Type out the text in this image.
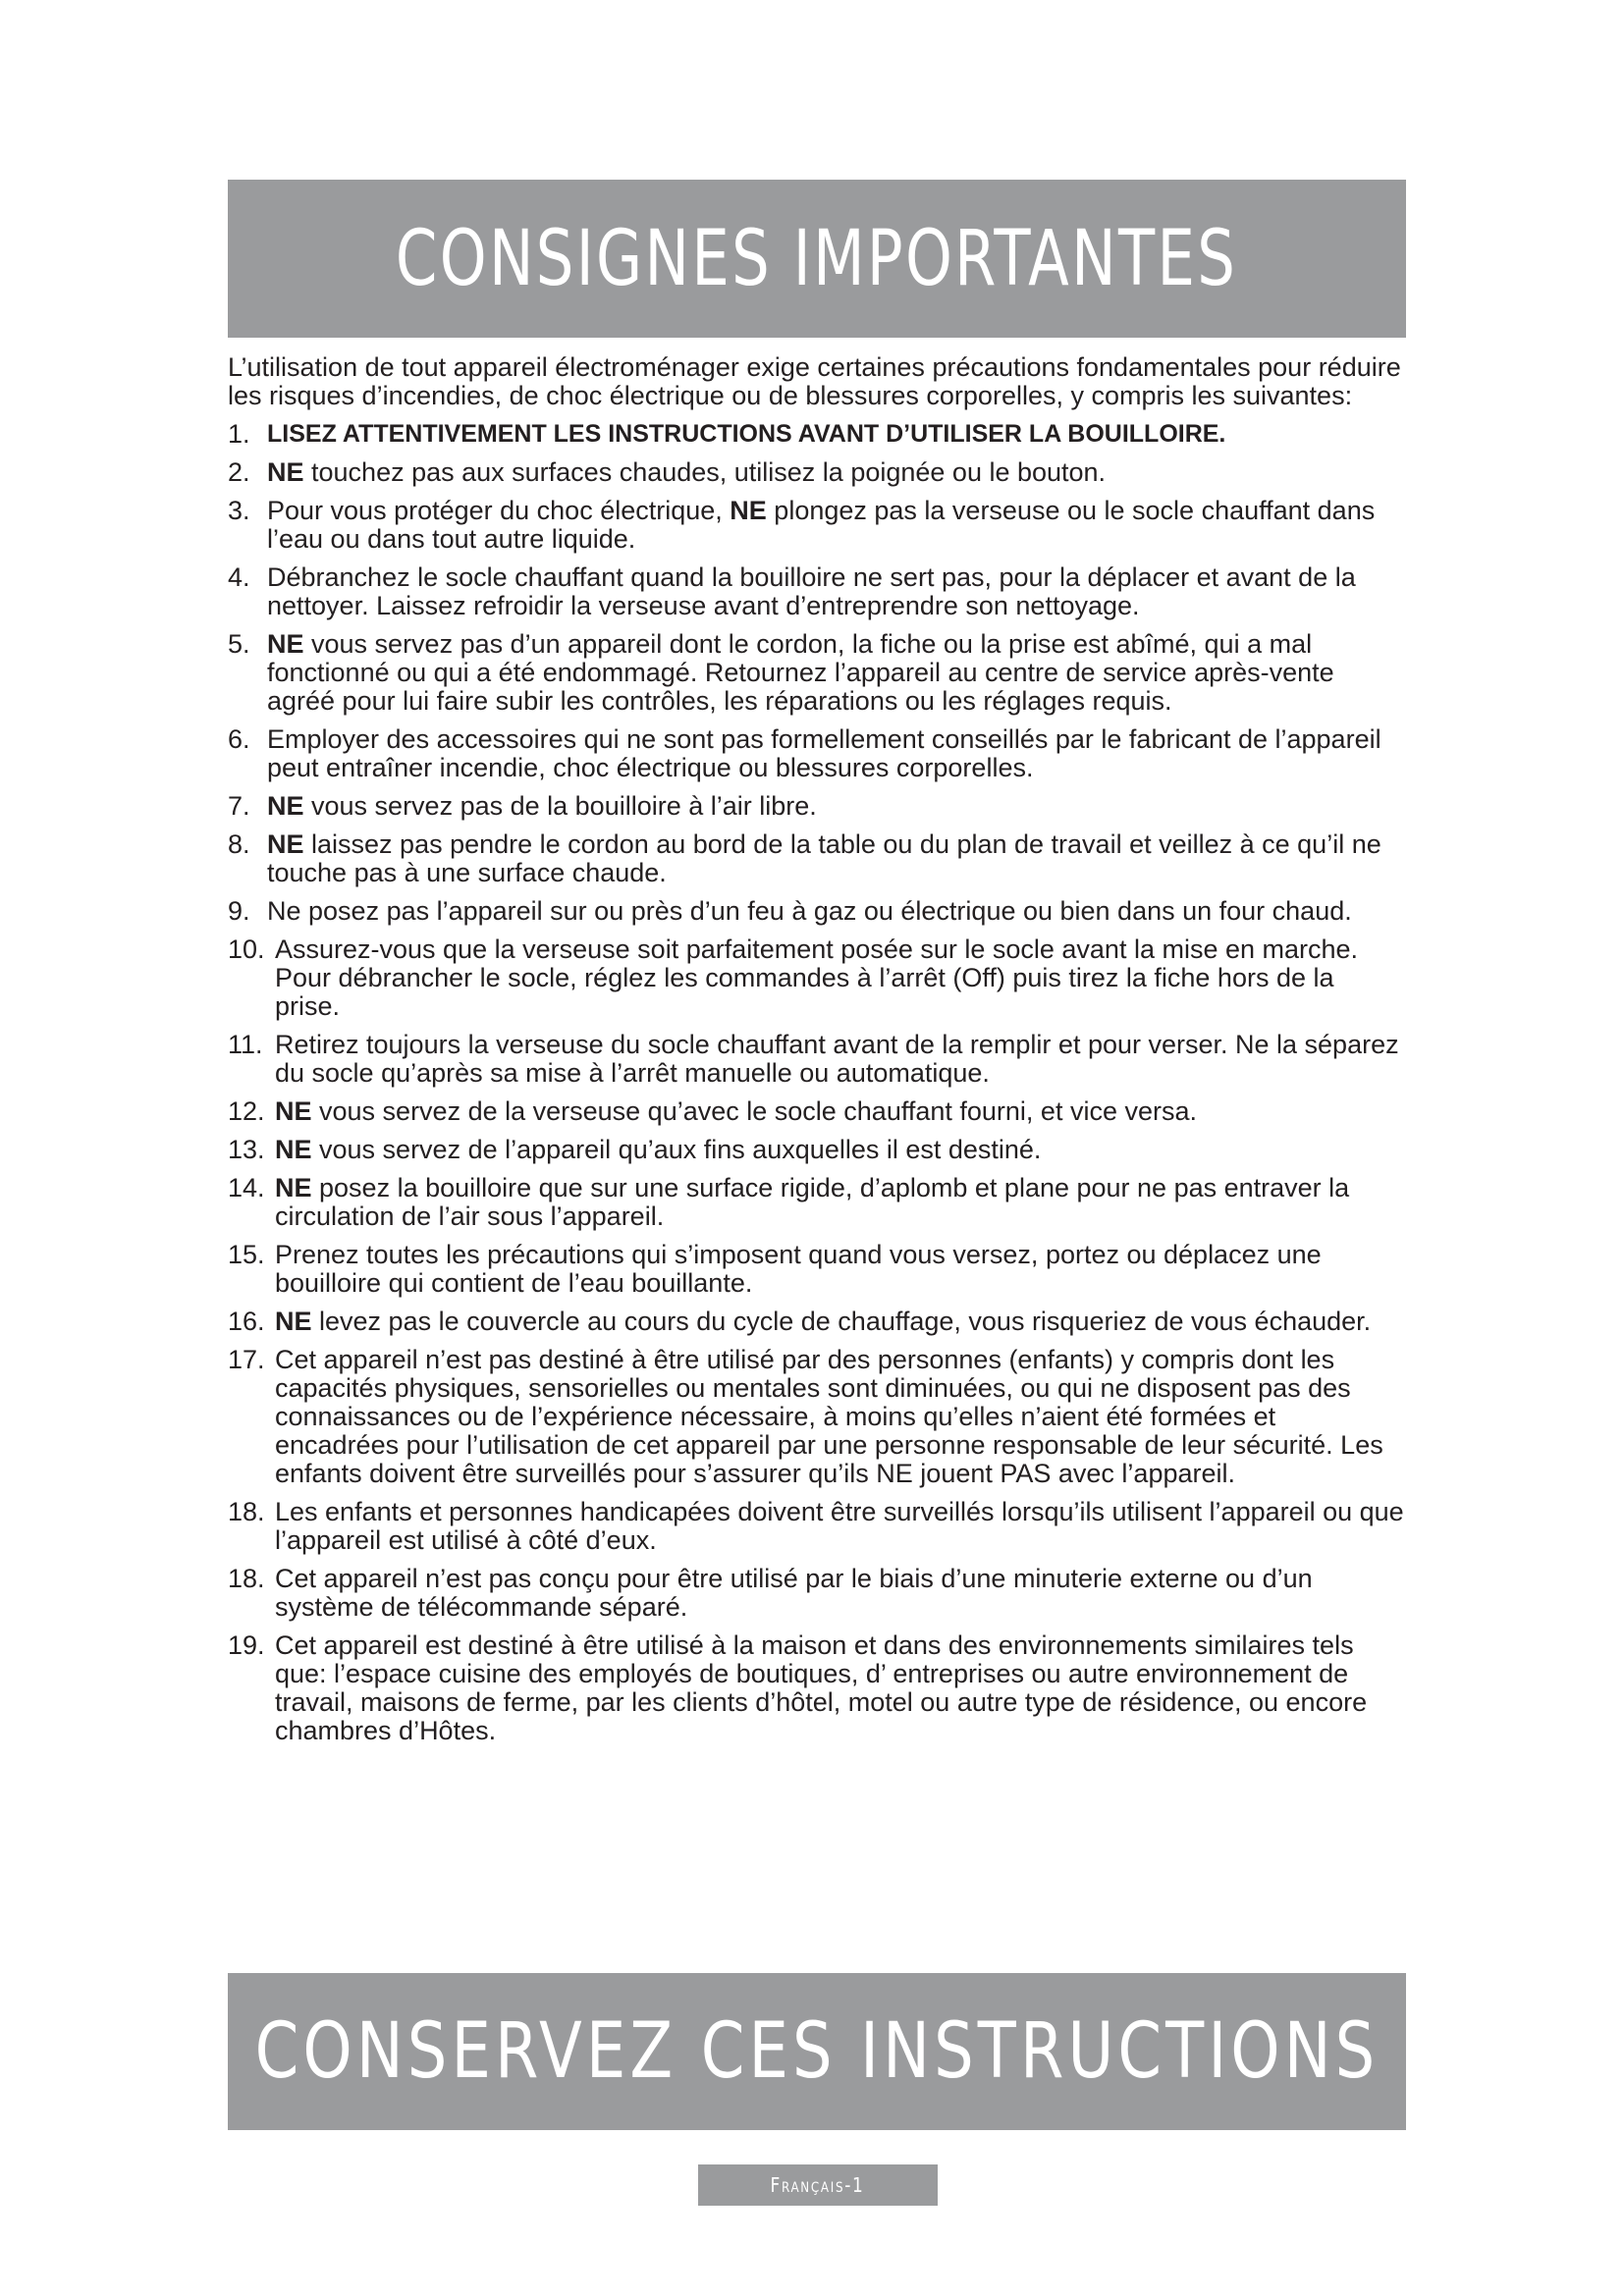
CONSIGNES IMPORTANTES

L’utilisation de tout appareil électroménager exige certaines précautions fondamentales pour réduire les risques d’incendies, de choc électrique ou de blessures corporelles, y compris les suivantes:

1. LISEZ ATTENTIVEMENT LES INSTRUCTIONS AVANT D’UTILISER LA BOUILLOIRE.
2. NE touchez pas aux surfaces chaudes, utilisez la poignée ou le bouton.
3. Pour vous protéger du choc électrique, NE plongez pas la verseuse ou le socle chauffant dans l’eau ou dans tout autre liquide.
4. Débranchez le socle chauffant quand la bouilloire ne sert pas, pour la déplacer et avant de la nettoyer. Laissez refroidir la verseuse avant d’entreprendre son nettoyage.
5. NE vous servez pas d’un appareil dont le cordon, la fiche ou la prise est abîmé, qui a mal fonctionné ou qui a été endommagé. Retournez l’appareil au centre de service après-vente agréé pour lui faire subir les contrôles, les réparations ou les réglages requis.
6. Employer des accessoires qui ne sont pas formellement conseillés par le fabricant de l’appareil peut entraîner incendie, choc électrique ou blessures corporelles.
7. NE vous servez pas de la bouilloire à l’air libre.
8. NE laissez pas pendre le cordon au bord de la table ou du plan de travail et veillez à ce qu’il ne touche pas à une surface chaude.
9. Ne posez pas l’appareil sur ou près d’un feu à gaz ou électrique ou bien dans un four chaud.
10. Assurez-vous que la verseuse soit parfaitement posée sur le socle avant la mise en marche. Pour débrancher le socle, réglez les commandes à l’arrêt (Off) puis tirez la fiche hors de la prise.
11. Retirez toujours la verseuse du socle chauffant avant de la remplir et pour verser. Ne la séparez du socle qu’après sa mise à l’arrêt manuelle ou automatique.
12. NE vous servez de la verseuse qu’avec le socle chauffant fourni, et vice versa.
13. NE vous servez de l’appareil qu’aux fins auxquelles il est destiné.
14. NE posez la bouilloire que sur une surface rigide, d’aplomb et plane pour ne pas entraver la circulation de l’air sous l’appareil.
15. Prenez toutes les précautions qui s’imposent quand vous versez, portez ou déplacez une bouilloire qui contient de l’eau bouillante.
16. NE levez pas le couvercle au cours du cycle de chauffage, vous risqueriez de vous échauder.
17. Cet appareil n’est pas destiné à être utilisé par des personnes (enfants) y compris dont les capacités physiques, sensorielles ou mentales sont diminuées, ou qui ne disposent pas des connaissances ou de l’expérience nécessaire, à moins qu’elles n’aient été formées et encadrées pour l’utilisation de cet appareil par une personne responsable de leur sécurité. Les enfants doivent être surveillés pour s’assurer qu’ils NE jouent PAS avec l’appareil.
18. Les enfants et personnes handicapées doivent être surveillés lorsqu’ils utilisent l’appareil ou que l’appareil est utilisé à côté d’eux.
18. Cet appareil n’est pas conçu pour être utilisé par le biais d’une minuterie externe ou d’un système de télécommande séparé.
19. Cet appareil est destiné à être utilisé à la maison et dans des environnements similaires tels que: l’espace cuisine des employés de boutiques, d’ entreprises ou autre environnement de travail, maisons de ferme, par les clients d’hôtel, motel ou autre type de résidence, ou encore chambres d’Hôtes.
CONSERVEZ CES INSTRUCTIONS
Français-1
